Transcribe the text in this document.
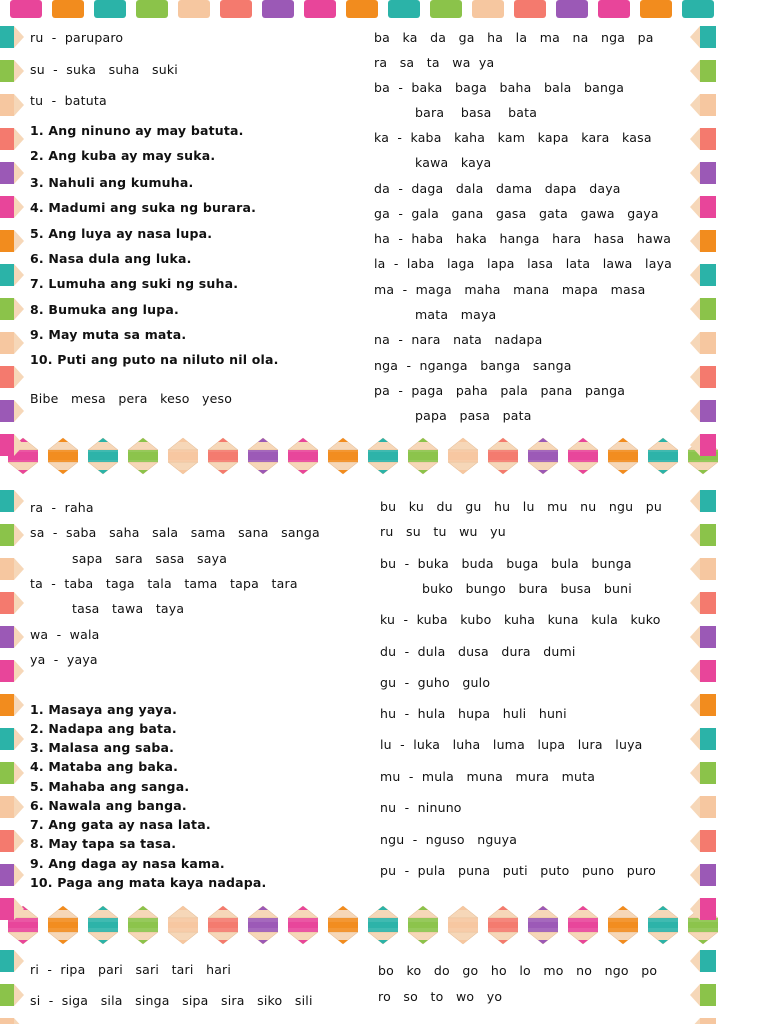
ru  -  paruparo
su  -  suka   suha   suki
tu  -  batuta
1. Ang ninuno ay may batuta.
2. Ang kuba ay may suka.
3. Nahuli ang kumuha.
4. Madumi ang suka ng burara.
5. Ang luya ay nasa lupa.
6. Nasa dula ang luka.
7. Lumuha ang suki ng suha.
8. Bumuka ang lupa.
9. May muta sa mata.
10. Puti ang puto na niluto nil ola.
Bibe   mesa   pera   keso   yeso
ba   ka   da   ga   ha   la   ma   na   nga   pa
ra   sa   ta   wa  ya
ba  -  baka   baga   baha   bala   banga
bara    basa    bata
ka  -  kaba   kaha   kam   kapa   kara   kasa
kawa   kaya
da  -  daga   dala   dama   dapa   daya
ga  -  gala   gana   gasa   gata   gawa   gaya
ha  -  haba   haka   hanga   hara   hasa   hawa
la  -  laba   laga   lapa   lasa   lata   lawa   laya
ma  -  maga   maha   mana   mapa   masa
mata   maya
na  -  nara   nata   nadapa
nga  -  nganga   banga   sanga
pa  -  paga   paha   pala   pana   panga
papa   pasa   pata
ra  -  raha
sa  -  saba   saha   sala   sama   sana   sanga
sapa   sara   sasa   saya
ta  -  taba   taga   tala   tama   tapa   tara
tasa   tawa   taya
wa  -  wala
ya  -  yaya
1. Masaya ang yaya.
2. Nadapa ang bata.
3. Malasa ang saba.
4. Mataba ang baka.
5. Mahaba ang sanga.
6. Nawala ang banga.
7. Ang gata ay nasa lata.
8. May tapa sa tasa.
9. Ang daga ay nasa kama.
10. Paga ang mata kaya nadapa.
bu   ku   du   gu   hu   lu   mu   nu   ngu   pu
ru   su   tu   wu   yu
bu  -  buka   buda   buga   bula   bunga
buko   bungo   bura   busa   buni
ku  -  kuba   kubo   kuha   kuna   kula   kuko
du  -  dula   dusa   dura   dumi
gu  -  guho   gulo
hu  -  hula   hupa   huli   huni
lu  -  luka   luha   luma   lupa   lura   luya
mu  -  mula   muna   mura   muta
nu  -  ninuno
ngu  -  nguso   nguya
pu  -  pula   puna   puti   puto   puno   puro
ri  -  ripa   pari   sari   tari   hari
si  -  siga   sila   singa   sipa   sira   siko   sili
bo   ko   do   go   ho   lo   mo   no   ngo   po
ro   so   to   wo   yo
